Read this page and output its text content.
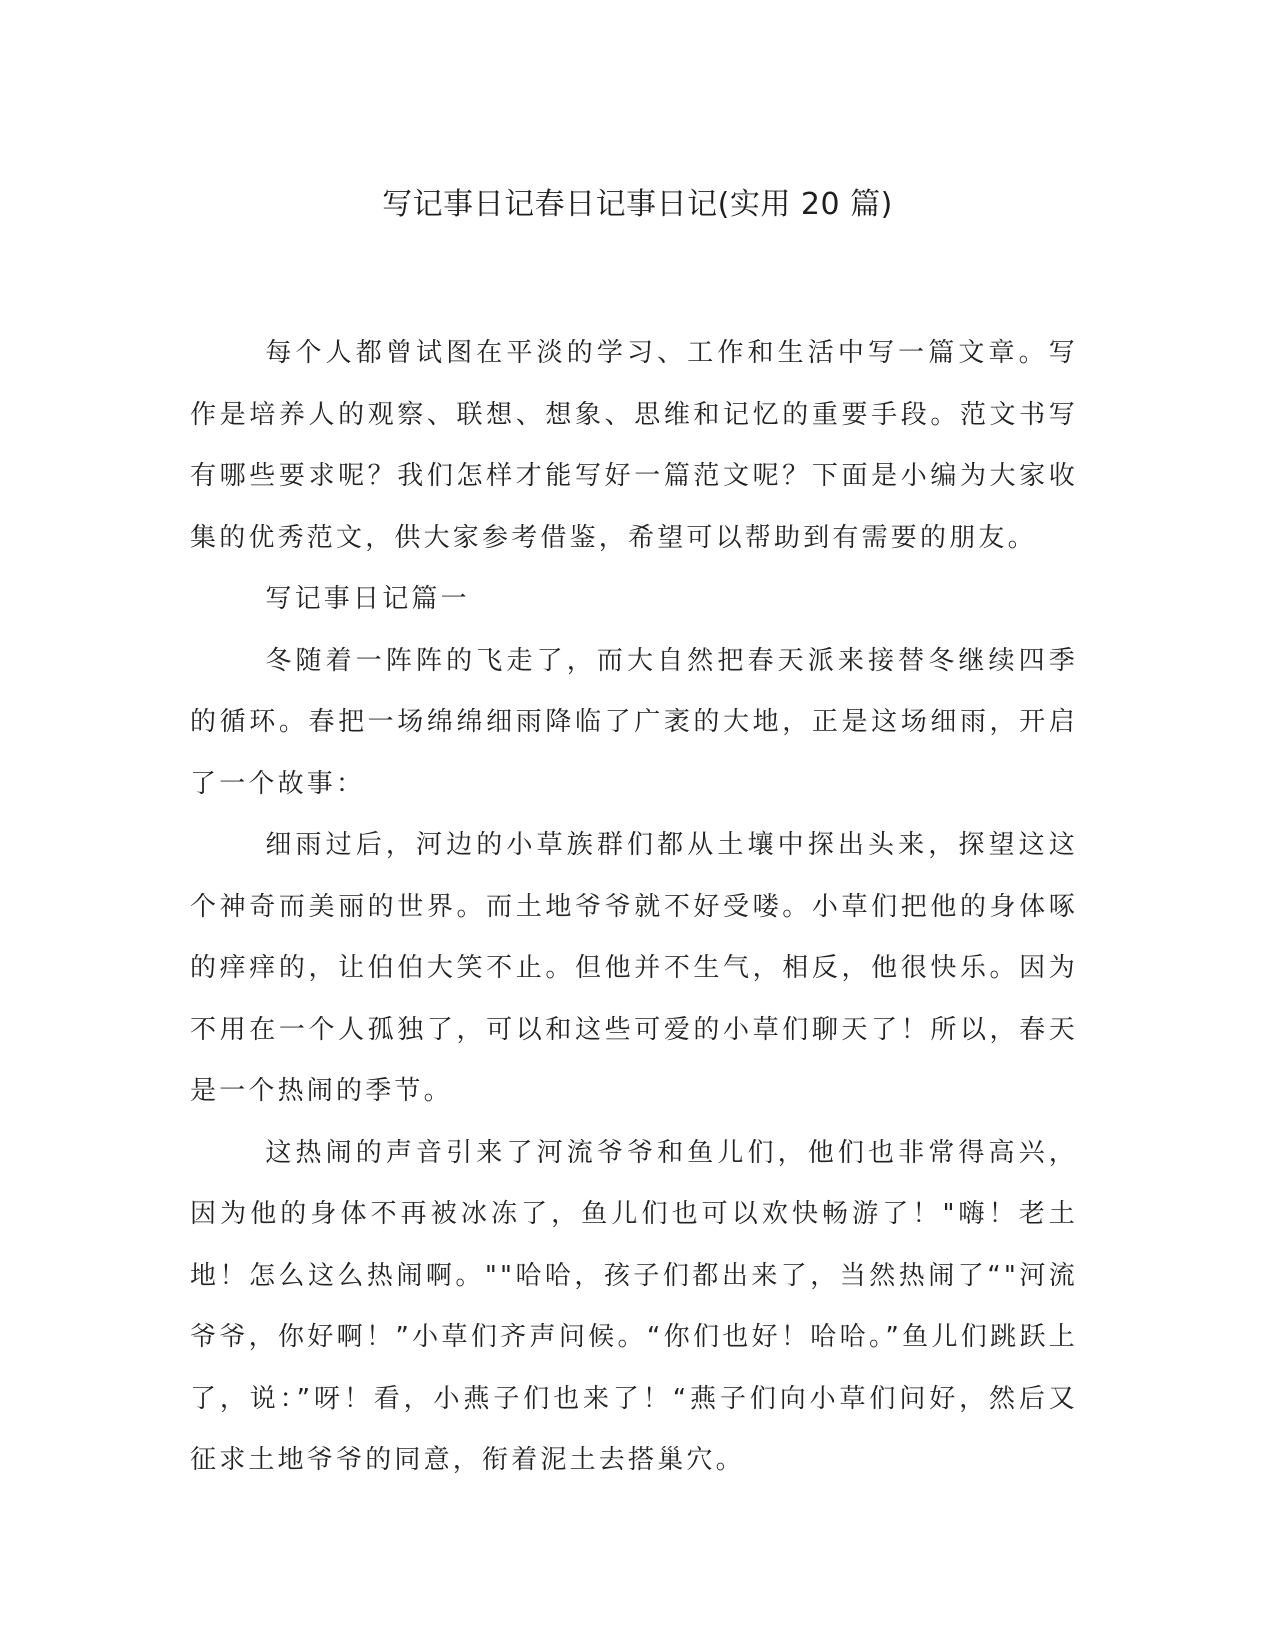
写记事日记春日记事日记(实用 20 篇)

每个人都曾试图在平淡的学习、工作和生活中写一篇文章。写作是培养人的观察、联想、想象、思维和记忆的重要手段。范文书写有哪些要求呢？我们怎样才能写好一篇范文呢？下面是小编为大家收集的优秀范文，供大家参考借鉴，希望可以帮助到有需要的朋友。

写记事日记篇一

冬随着一阵阵的飞走了，而大自然把春天派来接替冬继续四季的循环。春把一场绵绵细雨降临了广袤的大地，正是这场细雨，开启了一个故事：

细雨过后，河边的小草族群们都从土壤中探出头来，探望这这个神奇而美丽的世界。而土地爷爷就不好受喽。小草们把他的身体啄的痒痒的，让伯伯大笑不止。但他并不生气，相反，他很快乐。因为不用在一个人孤独了，可以和这些可爱的小草们聊天了！所以，春天是一个热闹的季节。

这热闹的声音引来了河流爷爷和鱼儿们，他们也非常得高兴，因为他的身体不再被冰冻了，鱼儿们也可以欢快畅游了！"嗨！老土地！怎么这么热闹啊。""哈哈，孩子们都出来了，当然热闹了“"河流爷爷，你好啊！”小草们齐声问候。“你们也好！哈哈。”鱼儿们跳跃上了，说：”呀！看，小燕子们也来了！“燕子们向小草们问好，然后又征求土地爷爷的同意，衔着泥土去搭巢穴。
